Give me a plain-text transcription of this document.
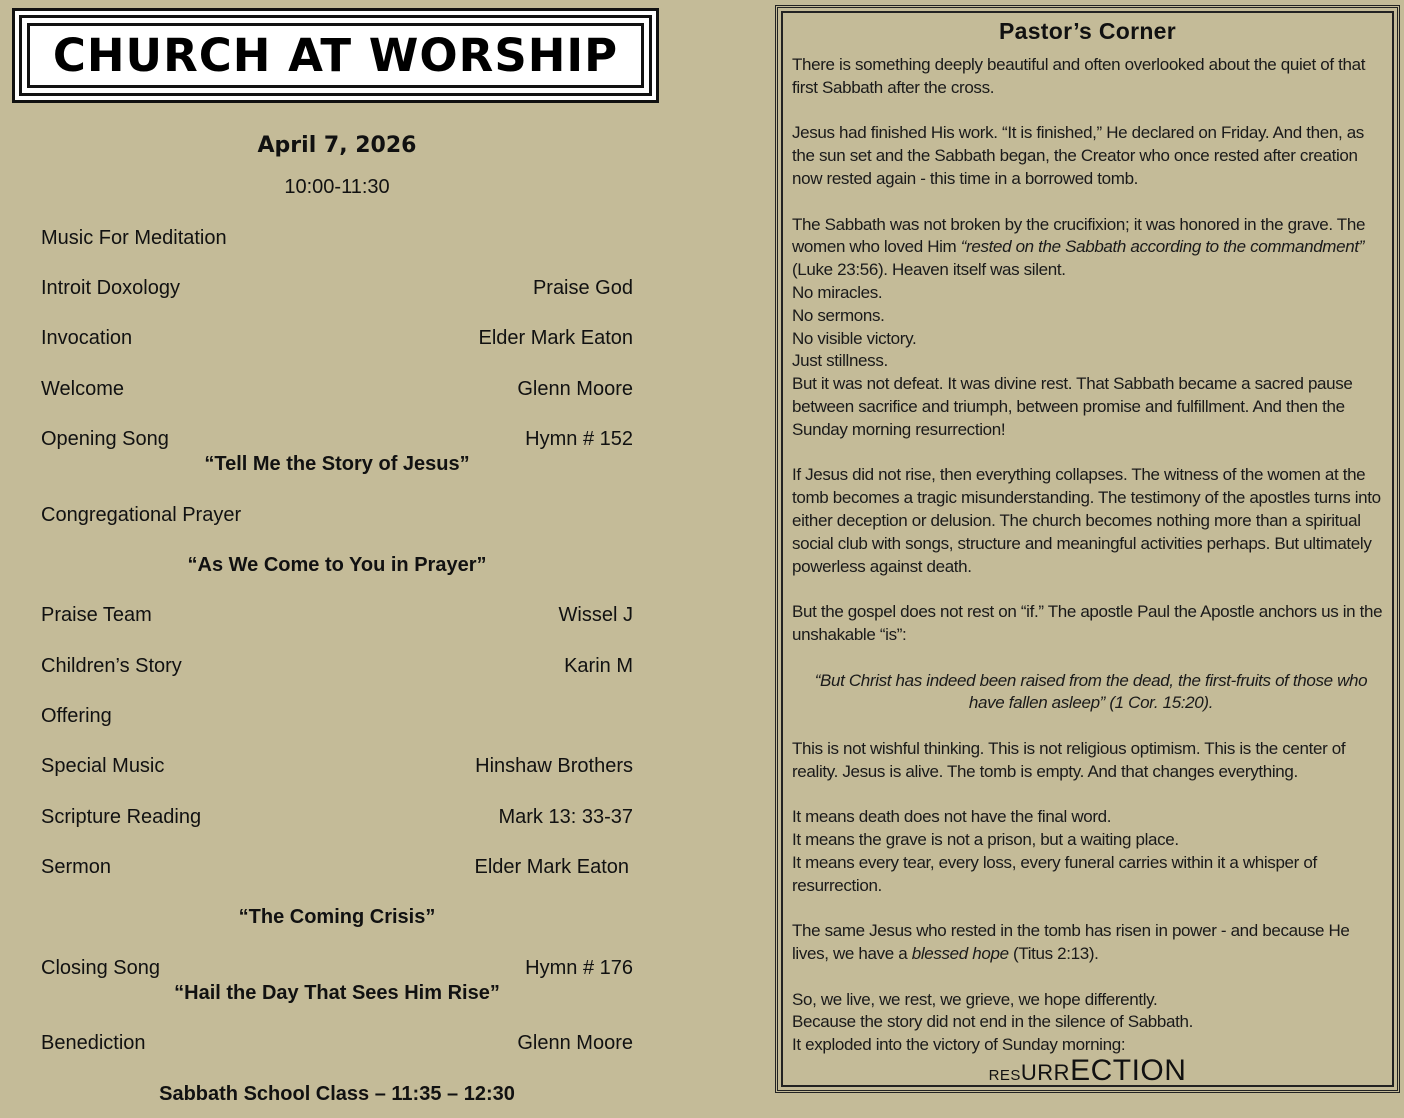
CHURCH AT WORSHIP
April 7, 2026
10:00-11:30
Music For Meditation
Introit Doxology	Praise God
Invocation	Elder Mark Eaton
Welcome	Glenn Moore
Opening Song	Hymn # 152
“Tell Me the Story of Jesus”
Congregational Prayer
“As We Come to You in Prayer”
Praise Team	Wissel J
Children’s Story	Karin M
Offering
Special Music	Hinshaw Brothers
Scripture Reading	Mark 13: 33-37
Sermon	Elder Mark Eaton
“The Coming Crisis”
Closing Song	Hymn # 176
“Hail the Day That Sees Him Rise”
Benediction	Glenn Moore
Sabbath School Class – 11:35 – 12:30
Pastor’s Corner

There is something deeply beautiful and often overlooked about the quiet of that first Sabbath after the cross.

Jesus had finished His work. “It is finished,” He declared on Friday. And then, as the sun set and the Sabbath began, the Creator who once rested after creation now rested again - this time in a borrowed tomb.

The Sabbath was not broken by the crucifixion; it was honored in the grave. The women who loved Him “rested on the Sabbath according to the commandment” (Luke 23:56). Heaven itself was silent.
No miracles.
No sermons.
No visible victory.
Just stillness.

But it was not defeat. It was divine rest. That Sabbath became a sacred pause between sacrifice and triumph, between promise and fulfillment. And then the Sunday morning resurrection!

If Jesus did not rise, then everything collapses. The witness of the women at the tomb becomes a tragic misunderstanding. The testimony of the apostles turns into either deception or delusion. The church becomes nothing more than a spiritual social club with songs, structure and meaningful activities perhaps. But ultimately powerless against death.

But the gospel does not rest on “if.” The apostle Paul the Apostle anchors us in the unshakable “is”:

“But Christ has indeed been raised from the dead, the first-fruits of those who have fallen asleep” (1 Cor. 15:20).

This is not wishful thinking. This is not religious optimism. This is the center of reality. Jesus is alive. The tomb is empty. And that changes everything.

It means death does not have the final word.
It means the grave is not a prison, but a waiting place.

It means every tear, every loss, every funeral carries within it a whisper of resurrection.

The same Jesus who rested in the tomb has risen in power - and because He lives, we have a blessed hope (Titus 2:13).

So, we live, we rest, we grieve, we hope differently.
Because the story did not end in the silence of Sabbath.
It exploded into the victory of Sunday morning:
RESURRECTION
